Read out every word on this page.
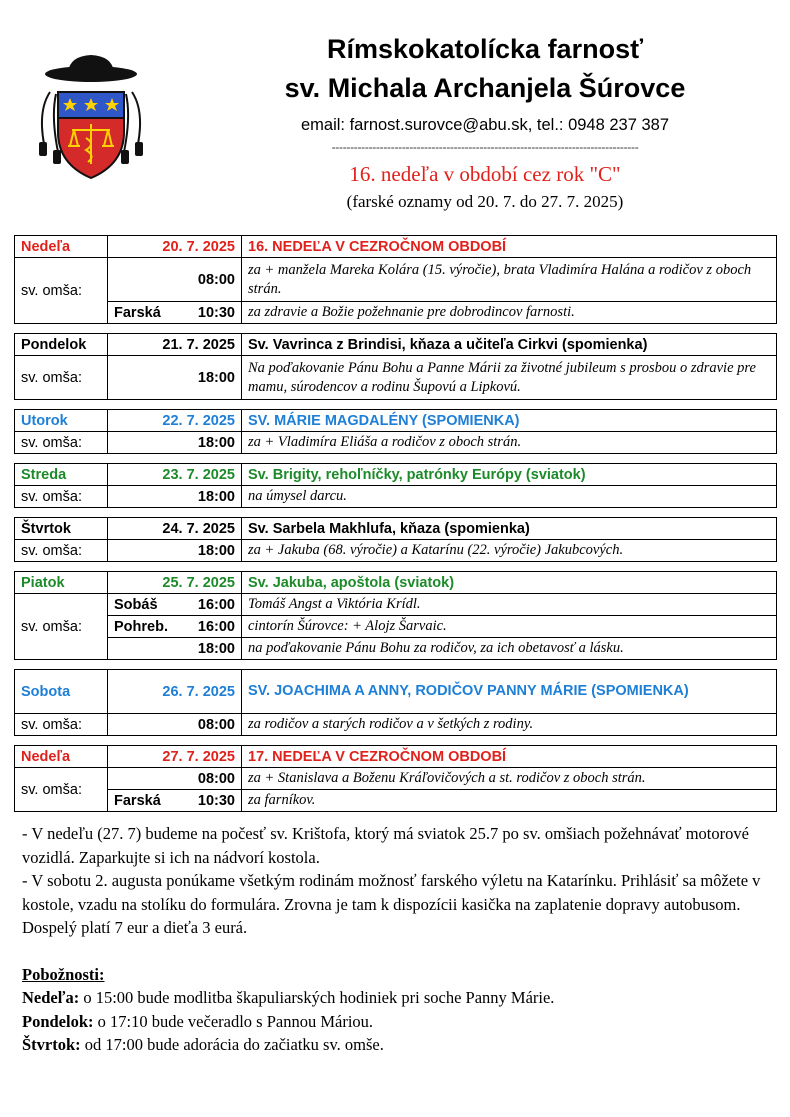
Rímskokatolícka farnosť
sv. Michala Archanjela Šúrovce
email: farnost.surovce@abu.sk, tel.: 0948 237 387
-----------------------------------------------------------------------------------
16. nedeľa v období cez rok "C"
(farské oznamy od 20. 7. do 27. 7. 2025)
Nedeľa	20. 7. 2025	16. NEDEĽA V CEZROČNOM OBDOBÍ
sv. omša:	08:00	za + manžela Mareka Kolára (15. výročie), brata Vladimíra Halána a rodičov z oboch strán.

	Farská 10:30	za zdravie a Božie požehnanie pre dobrodincov farnosti.
Pondelok	21. 7. 2025	Sv. Vavrinca z Brindisi, kňaza a učiteľa Cirkvi (spomienka)
sv. omša:	18:00	Na poďakovanie Pánu Bohu a Panne Márii za životné jubileum s prosbou o zdravie pre mamu, súrodencov a rodinu Šupovú a Lipkovú.
Utorok	22. 7. 2025	SV. MÁRIE MAGDALÉNY (SPOMIENKA)
sv. omša:	18:00	za + Vladimíra Eliáša a rodičov z oboch strán.
Streda	23. 7. 2025	Sv. Brigity, rehoľníčky, patrónky Európy (sviatok)
sv. omša:	18:00	na úmysel darcu.
Štvrtok	24. 7. 2025	Sv. Sarbela Makhlufa, kňaza (spomienka)
sv. omša:	18:00	za + Jakuba (68. výročie) a Katarínu (22. výročie) Jakubcových.
Piatok	25. 7. 2025	Sv. Jakuba, apoštola (sviatok)
sv. omša:	Sobáš 16:00	Tomáš Angst a Viktória Krídl.

	Pohreb. 16:00	cintorín Šúrovce: + Alojz Šarvaic.
	18:00	na poďakovanie Pánu Bohu za rodičov, za ich obetavosť a lásku.
Sobota	26. 7. 2025	SV. JOACHIMA A ANNY, RODIČOV PANNY MÁRIE (SPOMIENKA)
sv. omša:	08:00	za rodičov a starých rodičov a v šetkých z rodiny.
Nedeľa	27. 7. 2025	17. NEDEĽA V CEZROČNOM OBDOBÍ
sv. omša:	08:00	za + Stanislava a Boženu Kráľovičových a st. rodičov z oboch strán.

	Farská 10:30	za farníkov.

- V nedeľu (27. 7) budeme na počesť sv. Krištofa, ktorý má sviatok 25.7 po sv. omšiach požehnávať motorové vozidlá. Zaparkujte si ich na nádvorí kostola.

- V sobotu 2. augusta ponúkame všetkým rodinám možnosť farského výletu na Katarínku. Prihlásiť sa môžete v kostole, vzadu na stolíku do formulára. Zrovna je tam k dispozícii kasička na zaplatenie dopravy autobusom. Dospelý platí 7 eur a dieťa 3 eurá.

Pobožnosti:

Nedeľa: o 15:00 bude modlitba škapuliarských hodiniek pri soche Panny Márie.

Pondelok: o 17:10 bude večeradlo s Pannou Máriou.

Štvrtok: od 17:00 bude adorácia do začiatku sv. omše.
